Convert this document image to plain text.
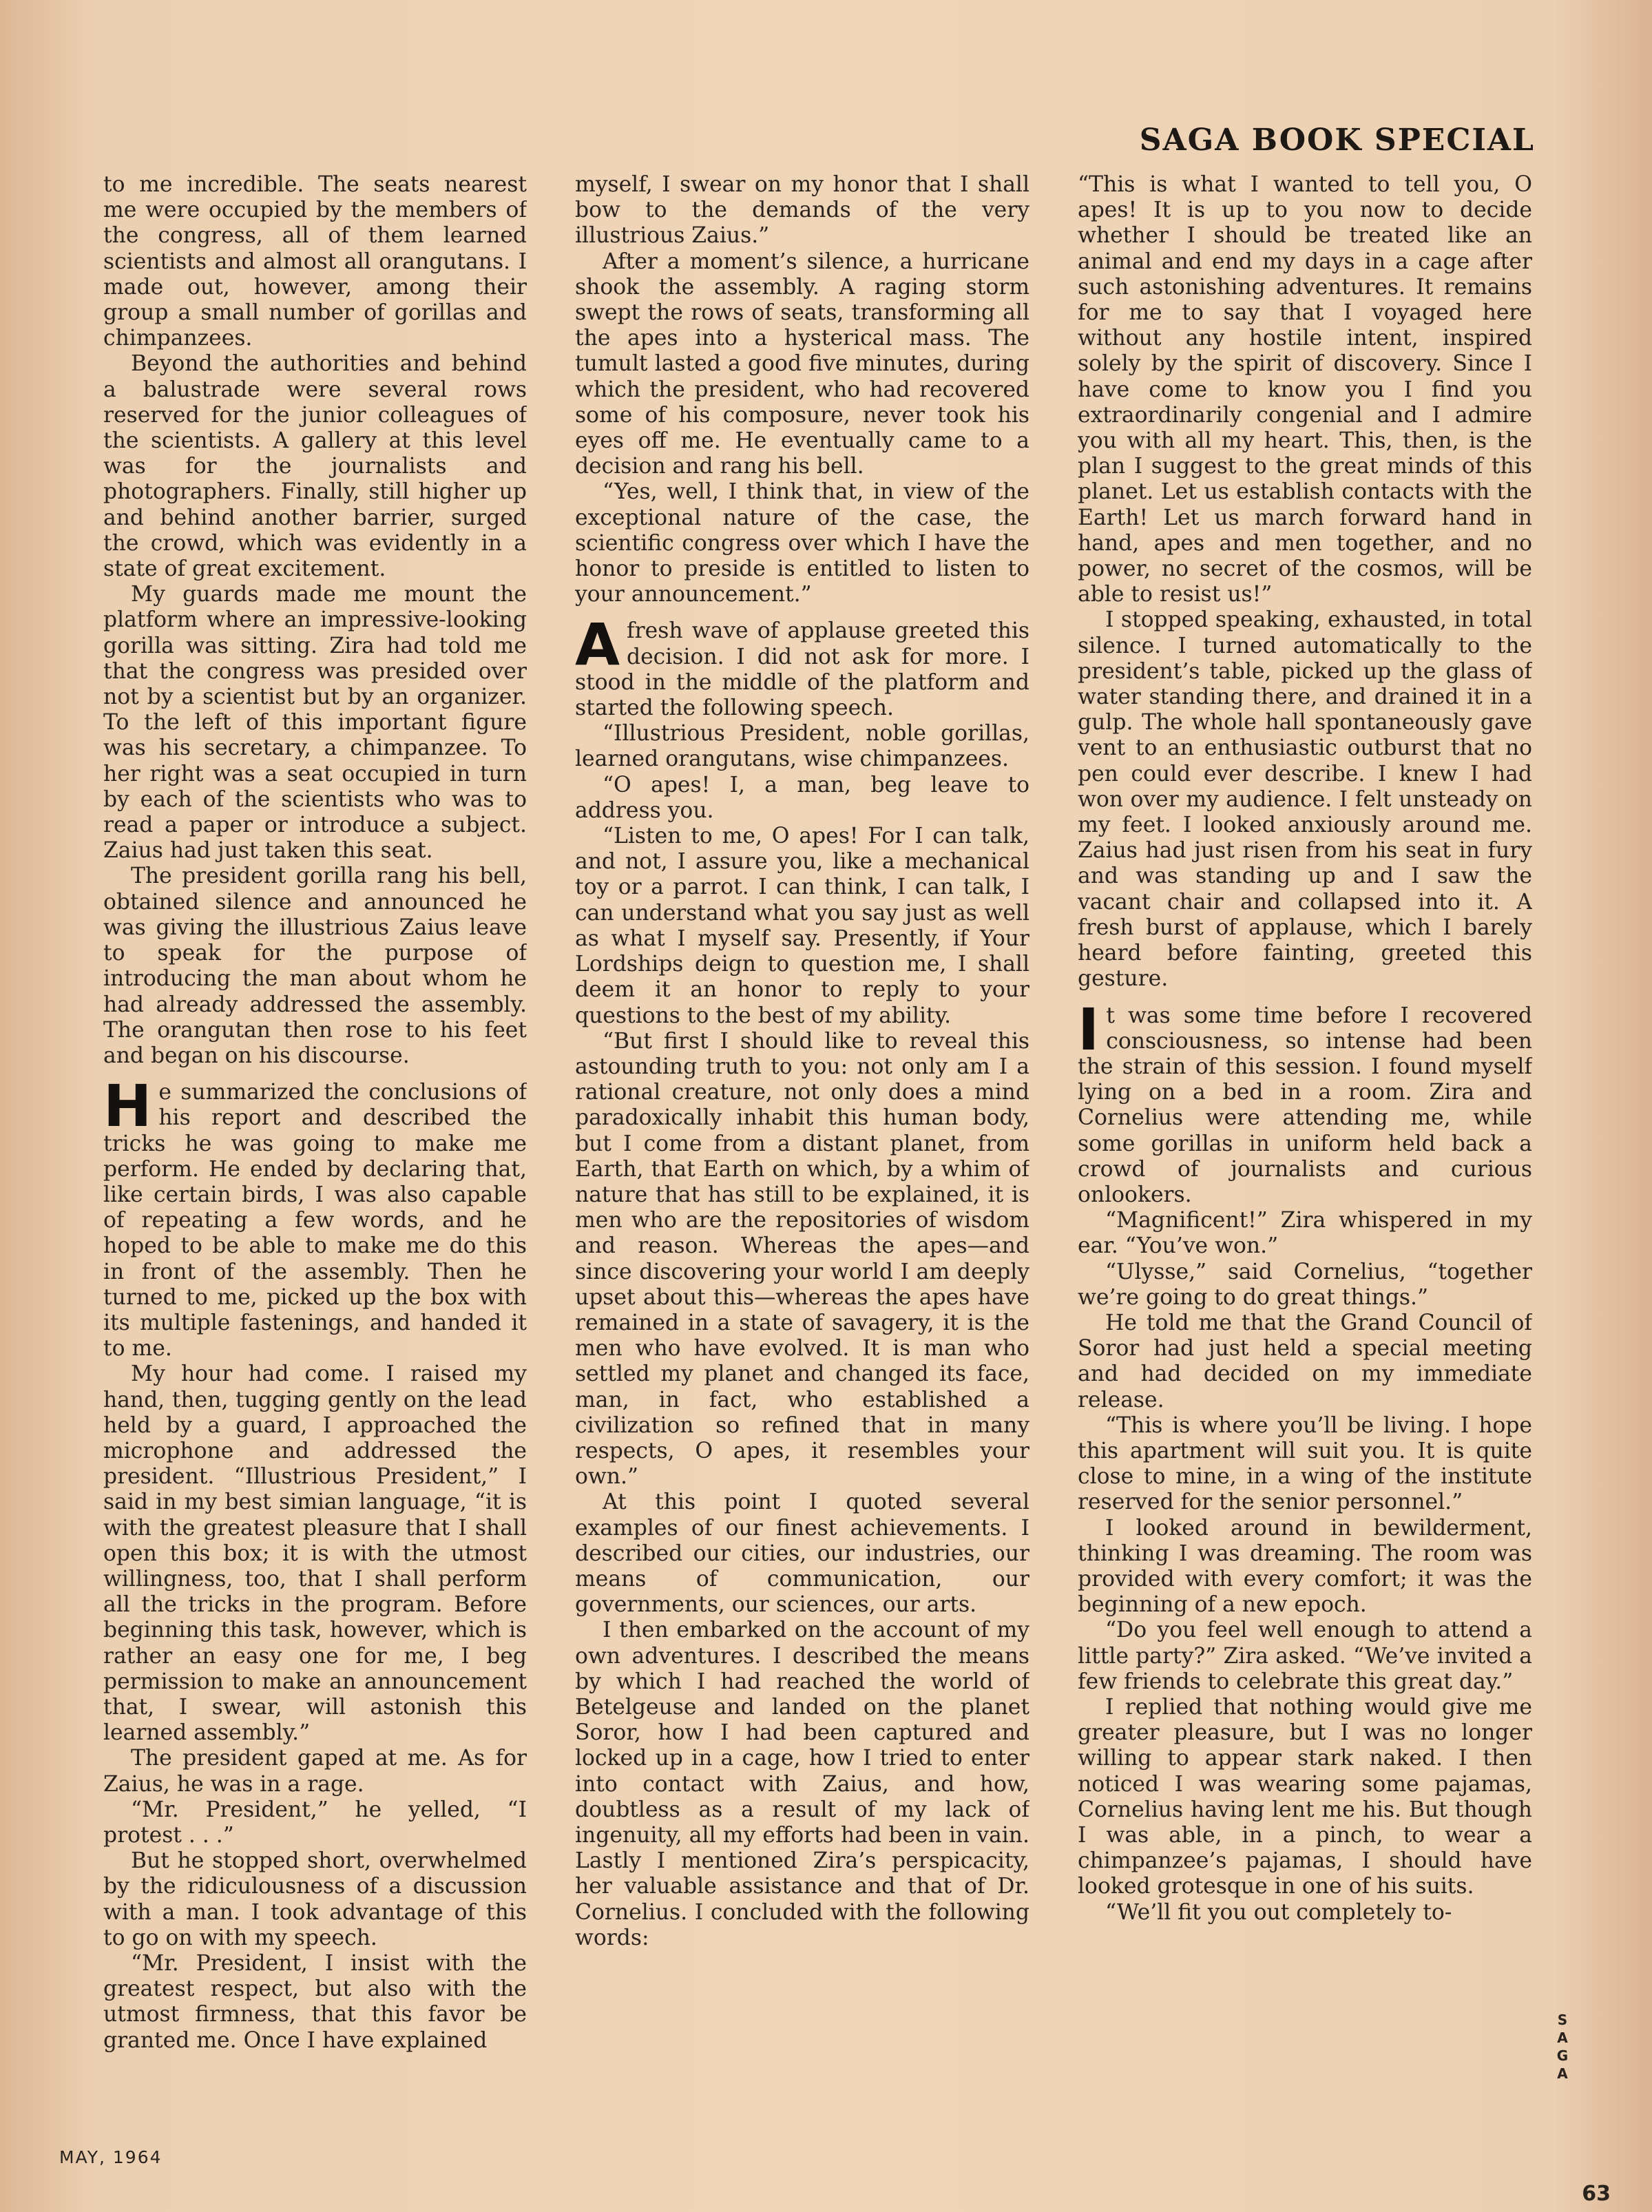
SAGA BOOK SPECIAL

to me incredible. The seats nearest me were occupied by the members of the congress, all of them learned scientists and almost all orangutans. I made out, however, among their group a small number of gorillas and chimpanzees.

Beyond the authorities and behind a balustrade were several rows reserved for the junior colleagues of the scientists. A gallery at this level was for the journalists and photographers. Finally, still higher up and behind another barrier, surged the crowd, which was evidently in a state of great excitement.

My guards made me mount the platform where an impressive-looking gorilla was sitting. Zira had told me that the congress was presided over not by a scientist but by an organizer. To the left of this important figure was his secretary, a chimpanzee. To her right was a seat occupied in turn by each of the scientists who was to read a paper or introduce a subject. Zaius had just taken this seat.

The president gorilla rang his bell, obtained silence and announced he was giving the illustrious Zaius leave to speak for the purpose of introducing the man about whom he had already addressed the assembly. The orangutan then rose to his feet and began on his discourse.

He summarized the conclusions of his report and described the tricks he was going to make me perform. He ended by declaring that, like certain birds, I was also capable of repeating a few words, and he hoped to be able to make me do this in front of the assembly. Then he turned to me, picked up the box with its multiple fastenings, and handed it to me.

My hour had come. I raised my hand, then, tugging gently on the lead held by a guard, I approached the microphone and addressed the president. “Illustrious President,” I said in my best simian language, “it is with the greatest pleasure that I shall open this box; it is with the utmost willingness, too, that I shall perform all the tricks in the program. Before beginning this task, however, which is rather an easy one for me, I beg permission to make an announcement that, I swear, will astonish this learned assembly.”

The president gaped at me. As for Zaius, he was in a rage.

“Mr. President,” he yelled, “I protest . . .”

But he stopped short, overwhelmed by the ridiculousness of a discussion with a man. I took advantage of this to go on with my speech.

“Mr. President, I insist with the greatest respect, but also with the utmost firmness, that this favor be granted me. Once I have explained

myself, I swear on my honor that I shall bow to the demands of the very illustrious Zaius.”

After a moment’s silence, a hurricane shook the assembly. A raging storm swept the rows of seats, transforming all the apes into a hysterical mass. The tumult lasted a good five minutes, during which the president, who had recovered some of his composure, never took his eyes off me. He eventually came to a decision and rang his bell.

“Yes, well, I think that, in view of the exceptional nature of the case, the scientific congress over which I have the honor to preside is entitled to listen to your announcement.”

Afresh wave of applause greeted this decision. I did not ask for more. I stood in the middle of the platform and started the following speech.

“Illustrious President, noble gorillas, learned orangutans, wise chimpanzees.

“O apes! I, a man, beg leave to address you.

“Listen to me, O apes! For I can talk, and not, I assure you, like a mechanical toy or a parrot. I can think, I can talk, I can understand what you say just as well as what I myself say. Presently, if Your Lordships deign to question me, I shall deem it an honor to reply to your questions to the best of my ability.

“But first I should like to reveal this astounding truth to you: not only am I a rational creature, not only does a mind paradoxically inhabit this human body, but I come from a distant planet, from Earth, that Earth on which, by a whim of nature that has still to be explained, it is men who are the repositories of wisdom and reason. Whereas the apes—and since discovering your world I am deeply upset about this—whereas the apes have remained in a state of savagery, it is the men who have evolved. It is man who settled my planet and changed its face, man, in fact, who established a civilization so refined that in many respects, O apes, it resembles your own.”

At this point I quoted several examples of our finest achievements. I described our cities, our industries, our means of communication, our governments, our sciences, our arts.

I then embarked on the account of my own adventures. I described the means by which I had reached the world of Betelgeuse and landed on the planet Soror, how I had been captured and locked up in a cage, how I tried to enter into contact with Zaius, and how, doubtless as a result of my lack of ingenuity, all my efforts had been in vain. Lastly I mentioned Zira’s perspicacity, her valuable assistance and that of Dr. Cornelius. I concluded with the following words:

“This is what I wanted to tell you, O apes! It is up to you now to decide whether I should be treated like an animal and end my days in a cage after such astonishing adventures. It remains for me to say that I voyaged here without any hostile intent, inspired solely by the spirit of discovery. Since I have come to know you I find you extraordinarily congenial and I admire you with all my heart. This, then, is the plan I suggest to the great minds of this planet. Let us establish contacts with the Earth! Let us march forward hand in hand, apes and men together, and no power, no secret of the cosmos, will be able to resist us!”

I stopped speaking, exhausted, in total silence. I turned automatically to the president’s table, picked up the glass of water standing there, and drained it in a gulp. The whole hall spontaneously gave vent to an enthusiastic outburst that no pen could ever describe. I knew I had won over my audience. I felt unsteady on my feet. I looked anxiously around me. Zaius had just risen from his seat in fury and was standing up and I saw the vacant chair and collapsed into it. A fresh burst of applause, which I barely heard before fainting, greeted this gesture.

It was some time before I recovered consciousness, so intense had been the strain of this session. I found myself lying on a bed in a room. Zira and Cornelius were attending me, while some gorillas in uniform held back a crowd of journalists and curious onlookers.

“Magnificent!” Zira whispered in my ear. “You’ve won.”

“Ulysse,” said Cornelius, “together we’re going to do great things.”

He told me that the Grand Council of Soror had just held a special meeting and had decided on my immediate release.

“This is where you’ll be living. I hope this apartment will suit you. It is quite close to mine, in a wing of the institute reserved for the senior personnel.”

I looked around in bewilderment, thinking I was dreaming. The room was provided with every comfort; it was the beginning of a new epoch.

“Do you feel well enough to attend a little party?” Zira asked. “We’ve invited a few friends to celebrate this great day.”

I replied that nothing would give me greater pleasure, but I was no longer willing to appear stark naked. I then noticed I was wearing some pajamas, Cornelius having lent me his. But though I was able, in a pinch, to wear a chimpanzee’s pajamas, I should have looked grotesque in one of his suits.

“We’ll fit you out completely to-

SAGA
MAY, 1964
63
